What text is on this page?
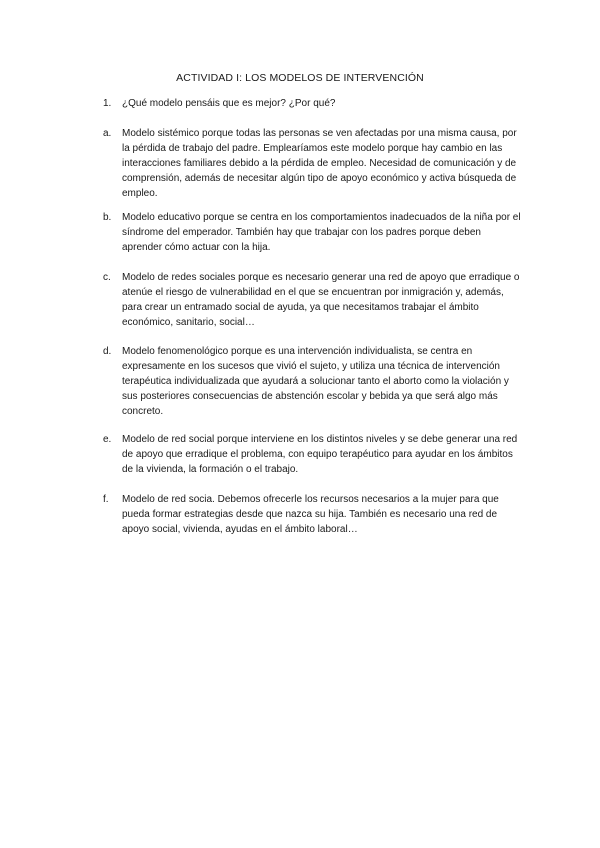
ACTIVIDAD I: LOS MODELOS DE INTERVENCIÓN
1. ¿Qué modelo pensáis que es mejor? ¿Por qué?
a. Modelo sistémico porque todas las personas se ven afectadas por una misma causa, por la pérdida de trabajo del padre. Emplearíamos este modelo porque hay cambio en las interacciones familiares debido a la pérdida de empleo. Necesidad de comunicación y de comprensión, además de necesitar algún tipo de apoyo económico y activa búsqueda de empleo.
b. Modelo educativo porque se centra en los comportamientos inadecuados de la niña por el síndrome del emperador. También hay que trabajar con los padres porque deben aprender cómo actuar con la hija.
c. Modelo de redes sociales porque es necesario generar una red de apoyo que erradique o atenúe el riesgo de vulnerabilidad en el que se encuentran por inmigración y, además, para crear un entramado social de ayuda, ya que necesitamos trabajar el ámbito económico, sanitario, social…
d. Modelo fenomenológico porque es una intervención individualista, se centra en expresamente en los sucesos que vivió el sujeto, y utiliza una técnica de intervención terapéutica individualizada que ayudará a solucionar tanto el aborto como la violación y sus posteriores consecuencias de abstención escolar y bebida ya que será algo más concreto.
e. Modelo de red social porque interviene en los distintos niveles y se debe generar una red de apoyo que erradique el problema, con equipo terapéutico para ayudar en los ámbitos de la vivienda, la formación o el trabajo.
f. Modelo de red socia. Debemos ofrecerle los recursos necesarios a la mujer para que pueda formar estrategias desde que nazca su hija. También es necesario una red de apoyo social, vivienda, ayudas en el ámbito laboral…
